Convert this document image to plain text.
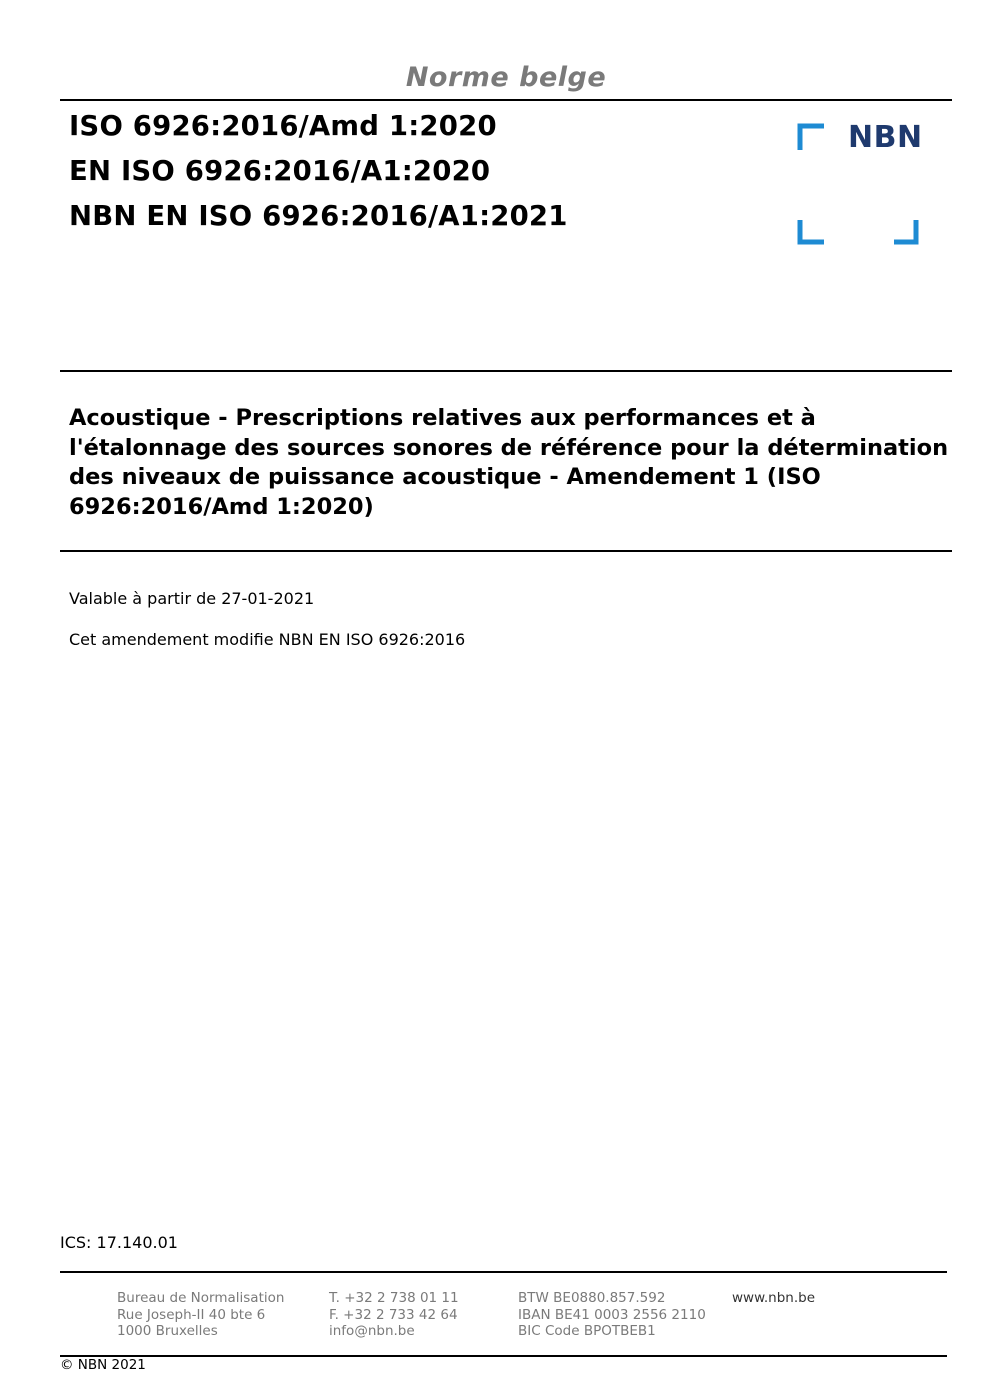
Norme belge
ISO 6926:2016/Amd 1:2020
EN ISO 6926:2016/A1:2020
NBN EN ISO 6926:2016/A1:2021
NBN
Acoustique - Prescriptions relatives aux performances et à l'étalonnage des sources sonores de référence pour la détermination des niveaux de puissance acoustique - Amendement 1 (ISO 6926:2016/Amd 1:2020)
Valable à partir de 27-01-2021
Cet amendement modifie NBN EN ISO 6926:2016
ICS: 17.140.01
Bureau de Normalisation
Rue Joseph-II 40 bte 6
1000 Bruxelles
T. +32 2 738 01 11
F. +32 2 733 42 64
info@nbn.be
BTW BE0880.857.592
IBAN BE41 0003 2556 2110
BIC Code BPOTBEB1
www.nbn.be
© NBN 2021
